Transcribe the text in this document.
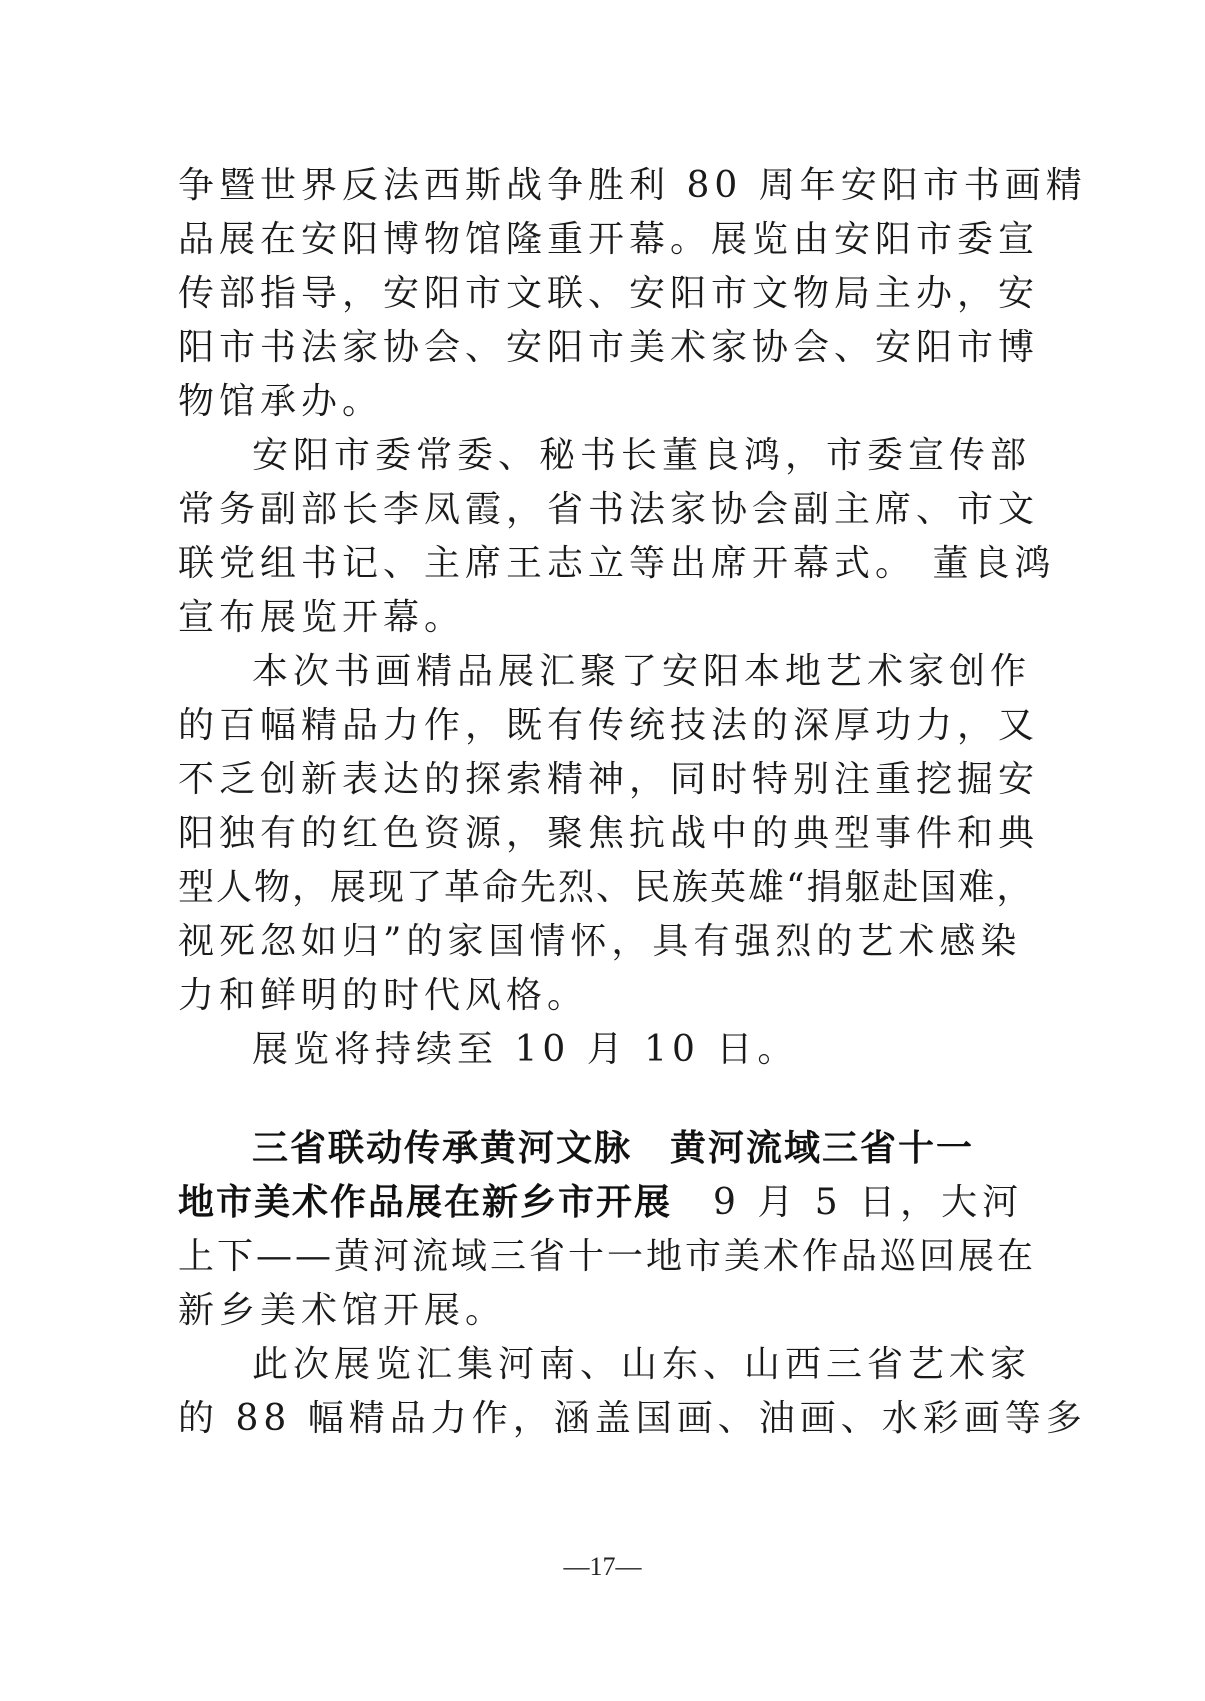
争暨世界反法西斯战争胜利 80 周年安阳市书画精
品展在安阳博物馆隆重开幕。展览由安阳市委宣
传部指导，安阳市文联、安阳市文物局主办，安
阳市书法家协会、安阳市美术家协会、安阳市博
物馆承办。
安阳市委常委、秘书长董良鸿，市委宣传部
常务副部长李凤霞，省书法家协会副主席、市文
联党组书记、主席王志立等出席开幕式。 董良鸿
宣布展览开幕。
本次书画精品展汇聚了安阳本地艺术家创作
的百幅精品力作，既有传统技法的深厚功力，又
不乏创新表达的探索精神，同时特别注重挖掘安
阳独有的红色资源，聚焦抗战中的典型事件和典
型人物，展现了革命先烈、民族英雄“捐躯赴国难，
视死忽如归”的家国情怀，具有强烈的艺术感染
力和鲜明的时代风格。
展览将持续至 10 月 10 日。
三省联动传承黄河文脉　黄河流域三省十一
地市美术作品展在新乡市开展　9 月 5 日，大河
上下——黄河流域三省十一地市美术作品巡回展在
新乡美术馆开展。
此次展览汇集河南、山东、山西三省艺术家
的 88 幅精品力作，涵盖国画、油画、水彩画等多
—17—
